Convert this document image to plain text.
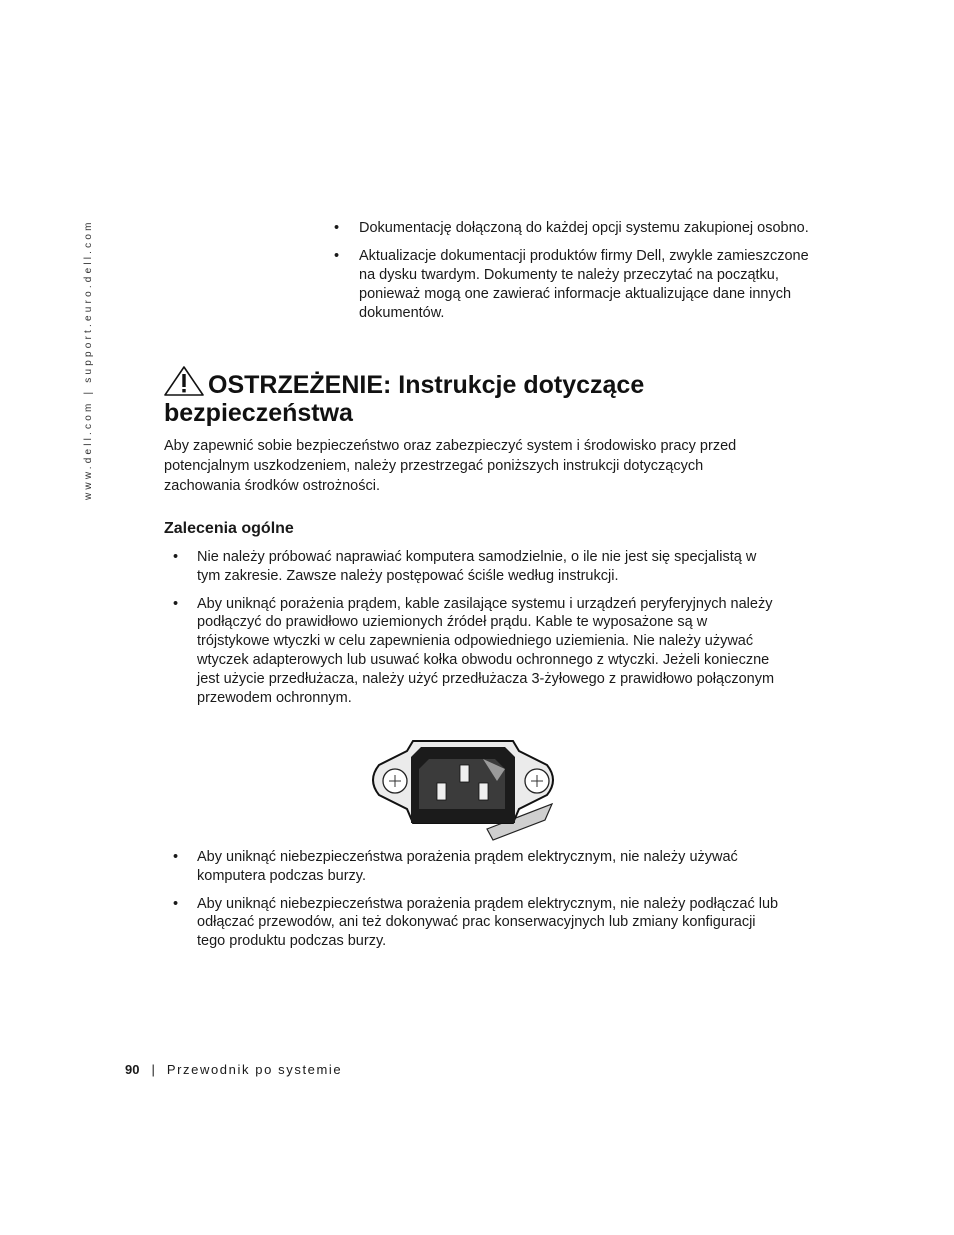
www.dell.com | support.euro.dell.com	• Dokumentację dołączoną do każdej opcji systemu zakupionej osobno.
• Aktualizacje dokumentacji produktów firmy Dell, zwykle zamieszczone na dysku twardym. Dokumenty te należy przeczytać na początku, ponieważ mogą one zawierać informacje aktualizujące dane innych dokumentów.
OSTRZEŻENIE: Instrukcje dotyczące bezpieczeństwa

Aby zapewnić sobie bezpieczeństwo oraz zabezpieczyć system i środowisko pracy przed potencjalnym uszkodzeniem, należy przestrzegać poniższych instrukcji dotyczących zachowania środków ostrożności.

Zalecenia ogólne
• Nie należy próbować naprawiać komputera samodzielnie, o ile nie jest się specjalistą w tym zakresie. Zawsze należy postępować ściśle według instrukcji.
• Aby uniknąć porażenia prądem, kable zasilające systemu i urządzeń peryferyjnych należy podłączyć do prawidłowo uziemionych źródeł prądu. Kable te wyposażone są w trójstykowe wtyczki w celu zapewnienia odpowiedniego uziemienia. Nie należy używać wtyczek adapterowych lub usuwać kołka obwodu ochronnego z wtyczki. Jeżeli konieczne jest użycie przedłużacza, należy użyć przedłużacza 3-żyłowego z prawidłowo połączonym przewodem ochronnym.
• Aby uniknąć niebezpieczeństwa porażenia prądem elektrycznym, nie należy używać komputera podczas burzy.
• Aby uniknąć niebezpieczeństwa porażenia prądem elektrycznym, nie należy podłączać lub odłączać przewodów, ani też dokonywać prac konserwacyjnych lub zmiany konfiguracji tego produktu podczas burzy.
90 | Przewodnik po systemie
